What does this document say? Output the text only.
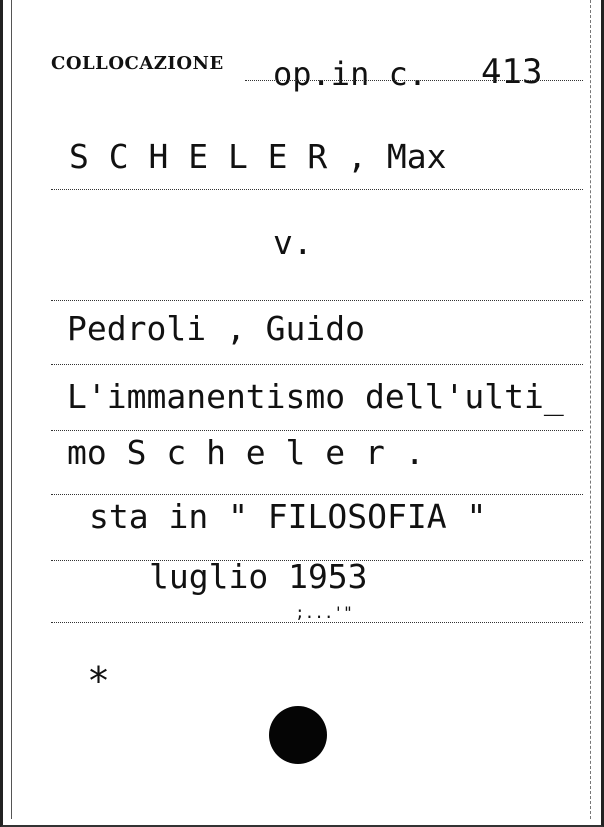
COLLOCAZIONE op.in c. 413
S C H E L E R , Max
v.
Pedroli , Guido
L'immanentismo dell'ulti_
mo S c h e l e r .
sta in " FILOSOFIA "
luglio 1953
;...'"
*
